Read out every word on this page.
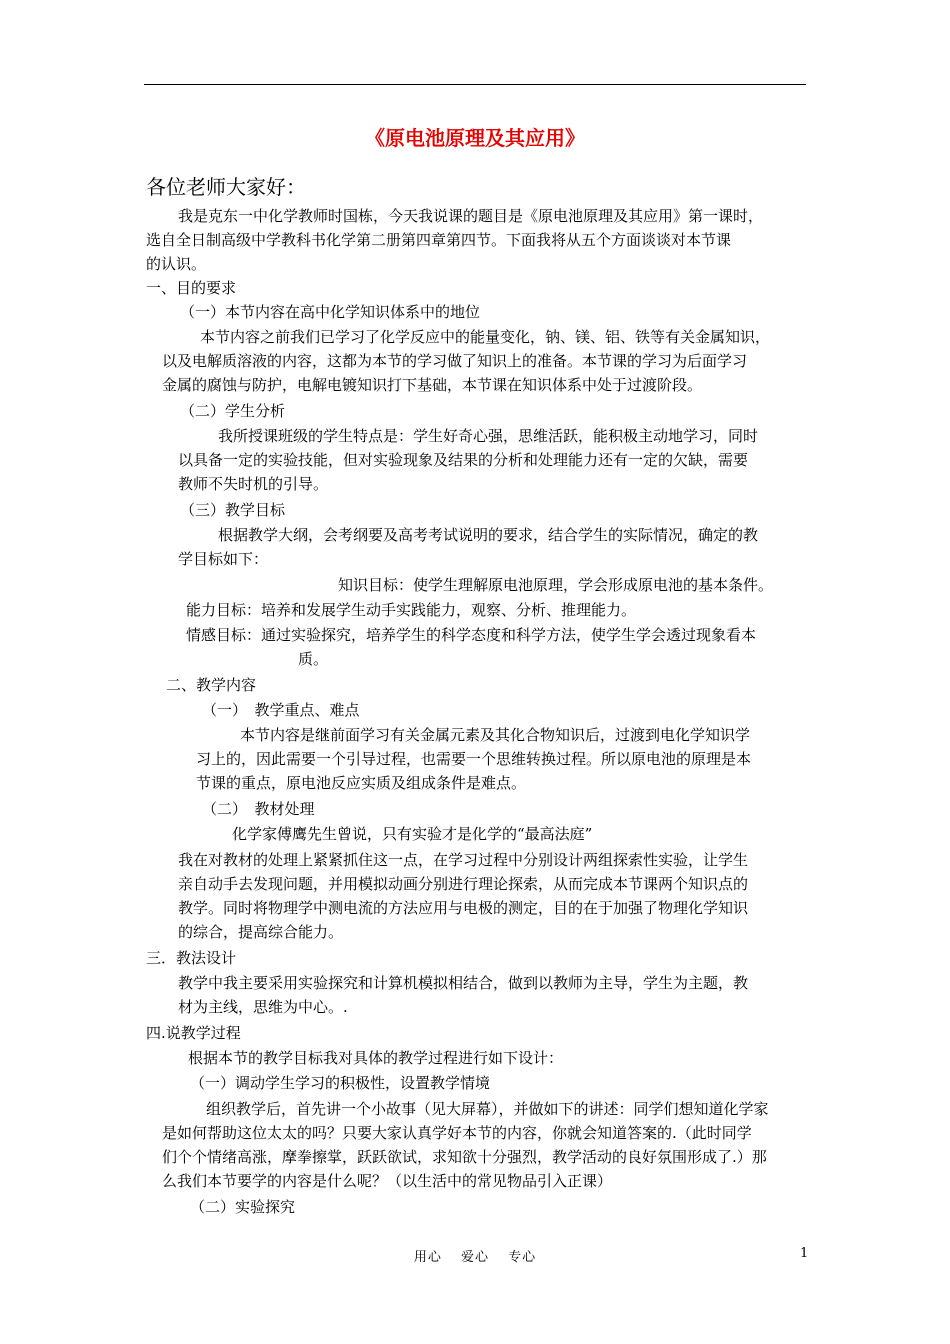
《原电池原理及其应用》
各位老师大家好：
我是克东一中化学教师时国栋，今天我说课的题目是《原电池原理及其应用》第一课时，
选自全日制高级中学教科书化学第二册第四章第四节。下面我将从五个方面谈谈对本节课
的认识。
一、目的要求
（一）本节内容在高中化学知识体系中的地位
本节内容之前我们已学习了化学反应中的能量变化，钠、镁、铝、铁等有关金属知识，
以及电解质溶液的内容，这都为本节的学习做了知识上的准备。本节课的学习为后面学习
金属的腐蚀与防护，电解电镀知识打下基础，本节课在知识体系中处于过渡阶段。
（二）学生分析
我所授课班级的学生特点是：学生好奇心强，思维活跃，能积极主动地学习，同时
以具备一定的实验技能，但对实验现象及结果的分析和处理能力还有一定的欠缺，需要
教师不失时机的引导。
（三）教学目标
根据教学大纲，会考纲要及高考考试说明的要求，结合学生的实际情况，确定的教
学目标如下：
知识目标：使学生理解原电池原理，学会形成原电池的基本条件。
能力目标：培养和发展学生动手实践能力，观察、分析、推理能力。
情感目标：通过实验探究，培养学生的科学态度和科学方法，使学生学会透过现象看本
质。
二、教学内容
（一）　教学重点、难点
本节内容是继前面学习有关金属元素及其化合物知识后，过渡到电化学知识学
习上的，因此需要一个引导过程，也需要一个思维转换过程。所以原电池的原理是本
节课的重点，原电池反应实质及组成条件是难点。
（二）　教材处理
化学家傅鹰先生曾说，只有实验才是化学的“最高法庭”
我在对教材的处理上紧紧抓住这一点，在学习过程中分别设计两组探索性实验，让学生
亲自动手去发现问题，并用模拟动画分别进行理论探索，从而完成本节课两个知识点的
教学。同时将物理学中测电流的方法应用与电极的测定，目的在于加强了物理化学知识
的综合，提高综合能力。
三．教法设计
教学中我主要采用实验探究和计算机模拟相结合，做到以教师为主导，学生为主题，教
材为主线，思维为中心。.
四.说教学过程
根据本节的教学目标我对具体的教学过程进行如下设计：
（一）调动学生学习的积极性，设置教学情境
组织教学后，首先讲一个小故事（见大屏幕），并做如下的讲述：同学们想知道化学家
是如何帮助这位太太的吗？只要大家认真学好本节的内容，你就会知道答案的.（此时同学
们个个情绪高涨，摩拳擦掌，跃跃欲试，求知欲十分强烈，教学活动的良好氛围形成了.）那
么我们本节要学的内容是什么呢？（以生活中的常见物品引入正课）
（二）实验探究
用心　 爱心　 专心	1
